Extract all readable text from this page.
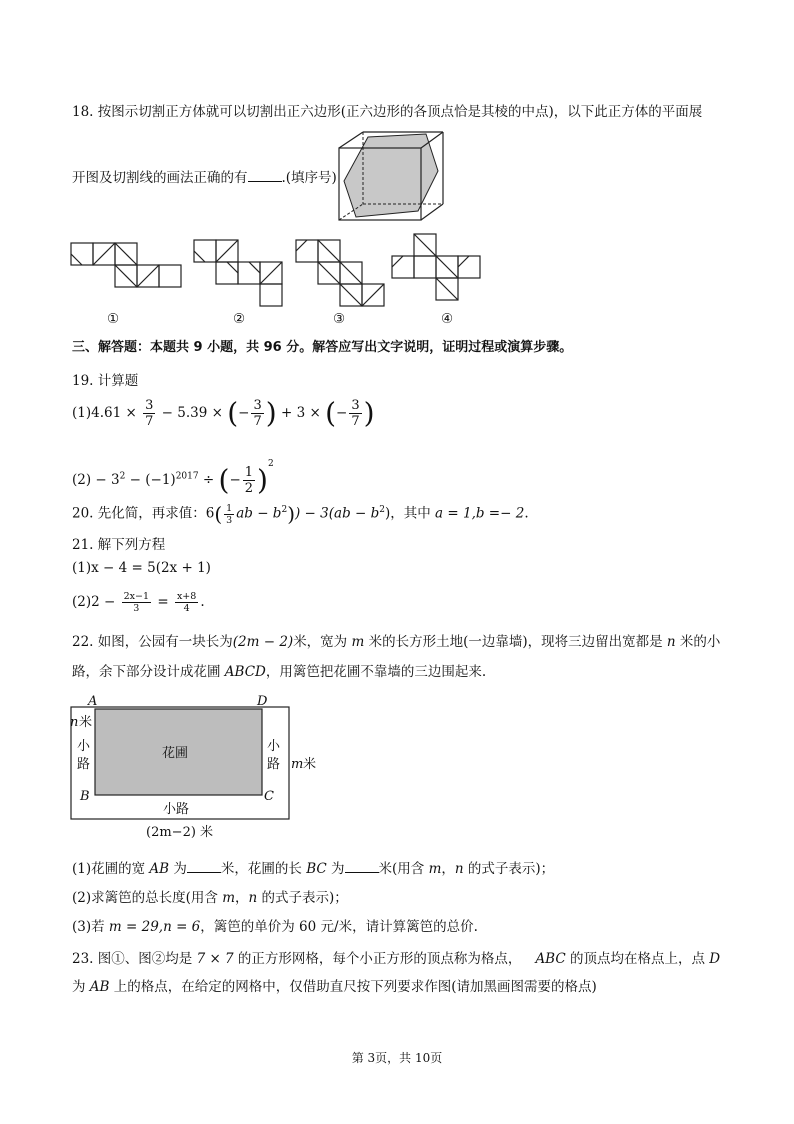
18. 按图示切割正方体就可以切割出正六边形(正六边形的各顶点恰是其棱的中点)，以下此正方体的平面展
开图及切割线的画法正确的有	.(填序号)
①	②	③	④
三、解答题：本题共 9 小题，共 96 分。解答应写出文字说明，证明过程或演算步骤。
19. 计算题
$(1)4.61 \times \frac{3}{7} - 5.39$ × (− $\frac{3}{7}$ ) + 3 × (− $\frac{3}{7}$ )
$(2) - 3^2 - (-1)^{2017}$ ÷ (− $\frac{1}{2} )^2$
20. 先化简，再求值：$6( \frac{1}{3}$ ab − $b^2)) - 3(ab - b^2)$，其中 a = 1,b =− 2.
21. 解下列方程
(1)x − 4 = 5(2x + 1)
$(2)2 - \frac{2x-1}{3} = \frac{x+8}{4}$ .
22. 如图，公园有一块长为(2m − 2)米，宽为 m 米的长方形土地(一边靠墙)，现将三边留出宽都是 n 米的小
路，余下部分设计成花圃 ABCD，用篱笆把花圃不靠墙的三边围起来.
A	D
B	C
花圃
n 米
小
路
小
路
小路
m 米
(2m−2) 米
(1)花圃的宽 AB 为	米，花圃的长 BC 为	米(用含 m，n 的式子表示)；
(2)求篱笆的总长度(用含 m，n 的式子表示)；
(3)若 m = 29,n = 6，篱笆的单价为 60 元/米，请计算篱笆的总价.
23. 图①、图②均是 7 × 7 的正方形网格，每个小正方形的顶点称为格点， ABC 的顶点均在格点上，点 D
为 AB 上的格点，在给定的网格中，仅借助直尺按下列要求作图(请加黑画图需要的格点)
第 3页，共 10页
